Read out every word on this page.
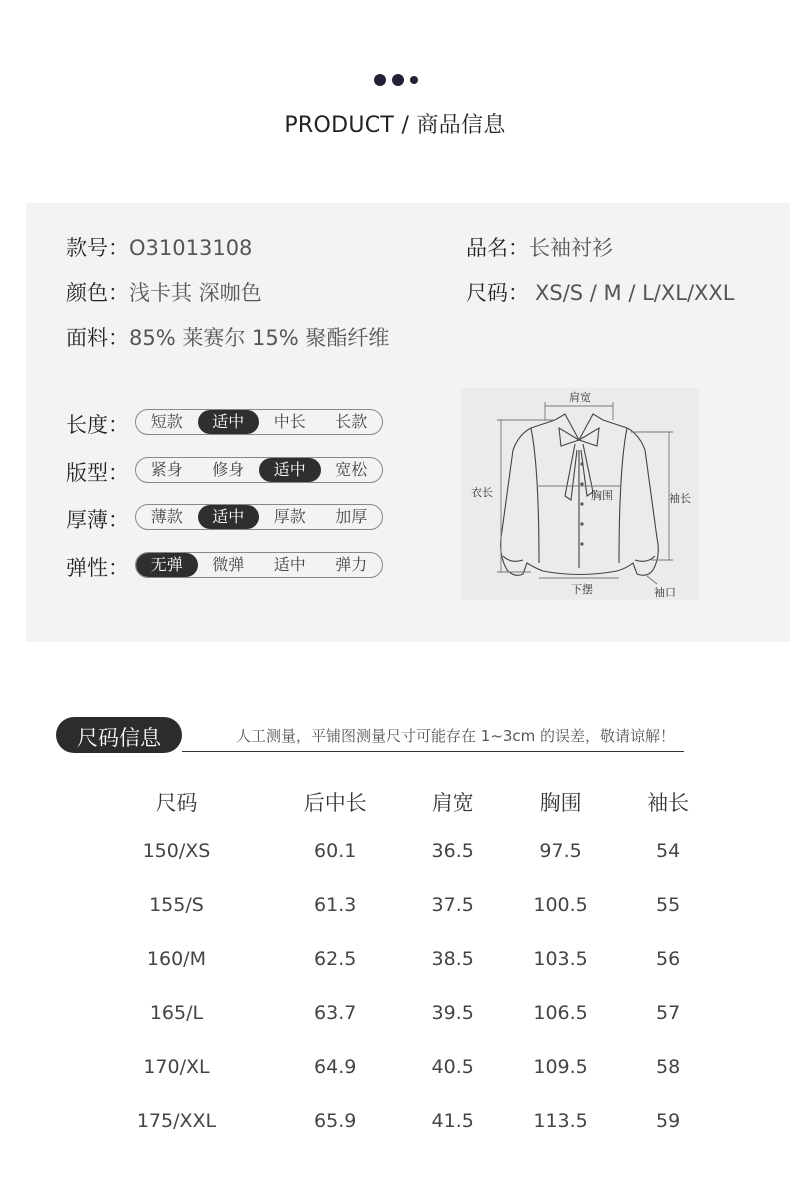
PRODUCT / 商品信息
款号：O31013108	品名：长袖衬衫
颜色：浅卡其 深咖色	尺码： XS/S / M / L/XL/XXL
面料：85% 莱赛尔 15% 聚酯纤维
长度：	短款	适中	中长	长款
版型：	紧身	修身	适中	宽松
厚薄：	薄款	适中	厚款	加厚
弹性：	无弹	微弹	适中	弹力
肩宽
衣长	胸围	袖长
下摆	袖口
尺码信息	人工测量，平铺图测量尺寸可能存在 1~3cm 的误差，敬请谅解！
尺码	后中长	肩宽	胸围	袖长
150/XS	60.1	36.5	97.5	54
155/S	61.3	37.5	100.5	55
160/M	62.5	38.5	103.5	56
165/L	63.7	39.5	106.5	57
170/XL	64.9	40.5	109.5	58
175/XXL	65.9	41.5	113.5	59
